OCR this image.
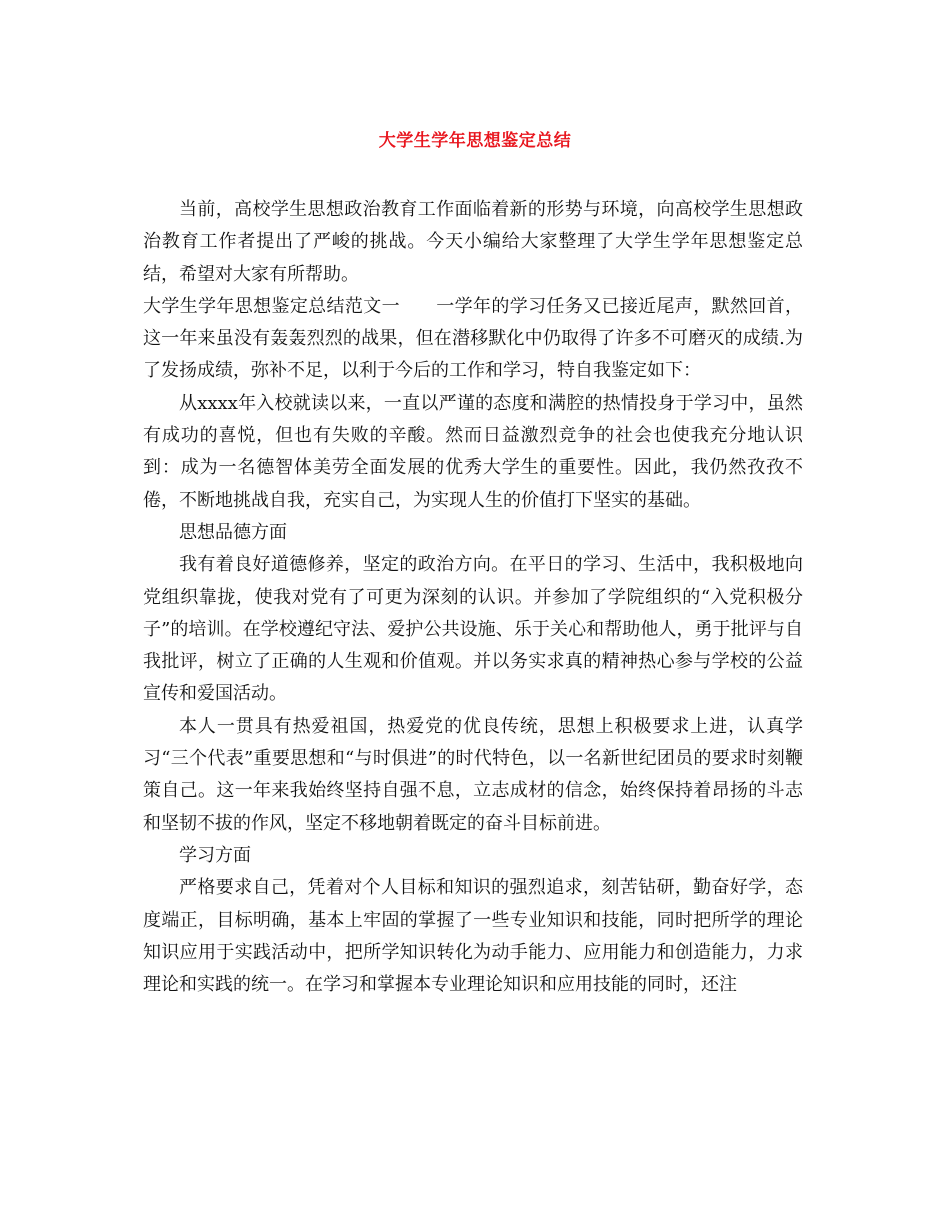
大学生学年思想鉴定总结

当前，高校学生思想政治教育工作面临着新的形势与环境，向高校学生思想政治教育工作者提出了严峻的挑战。今天小编给大家整理了大学生学年思想鉴定总结，希望对大家有所帮助。

大学生学年思想鉴定总结范文一 一学年的学习任务又已接近尾声，默然回首，这一年来虽没有轰轰烈烈的战果，但在潜移默化中仍取得了许多不可磨灭的成绩.为了发扬成绩，弥补不足，以利于今后的工作和学习，特自我鉴定如下：

从xxxx年入校就读以来，一直以严谨的态度和满腔的热情投身于学习中，虽然有成功的喜悦，但也有失败的辛酸。然而日益激烈竞争的社会也使我充分地认识到：成为一名德智体美劳全面发展的优秀大学生的重要性。因此，我仍然孜孜不倦，不断地挑战自我，充实自己，为实现人生的价值打下坚实的基础。

思想品德方面

我有着良好道德修养，坚定的政治方向。在平日的学习、生活中，我积极地向党组织靠拢，使我对党有了可更为深刻的认识。并参加了学院组织的“入党积极分子”的培训。在学校遵纪守法、爱护公共设施、乐于关心和帮助他人，勇于批评与自我批评，树立了正确的人生观和价值观。并以务实求真的精神热心参与学校的公益宣传和爱国活动。

本人一贯具有热爱祖国，热爱党的优良传统，思想上积极要求上进，认真学习“三个代表”重要思想和“与时俱进”的时代特色，以一名新世纪团员的要求时刻鞭策自己。这一年来我始终坚持自强不息，立志成材的信念，始终保持着昂扬的斗志和坚韧不拔的作风，坚定不移地朝着既定的奋斗目标前进。

学习方面

严格要求自己，凭着对个人目标和知识的强烈追求，刻苦钻研，勤奋好学，态度端正，目标明确，基本上牢固的掌握了一些专业知识和技能，同时把所学的理论知识应用于实践活动中，把所学知识转化为动手能力、应用能力和创造能力，力求理论和实践的统一。在学习和掌握本专业理论知识和应用技能的同时，还注
